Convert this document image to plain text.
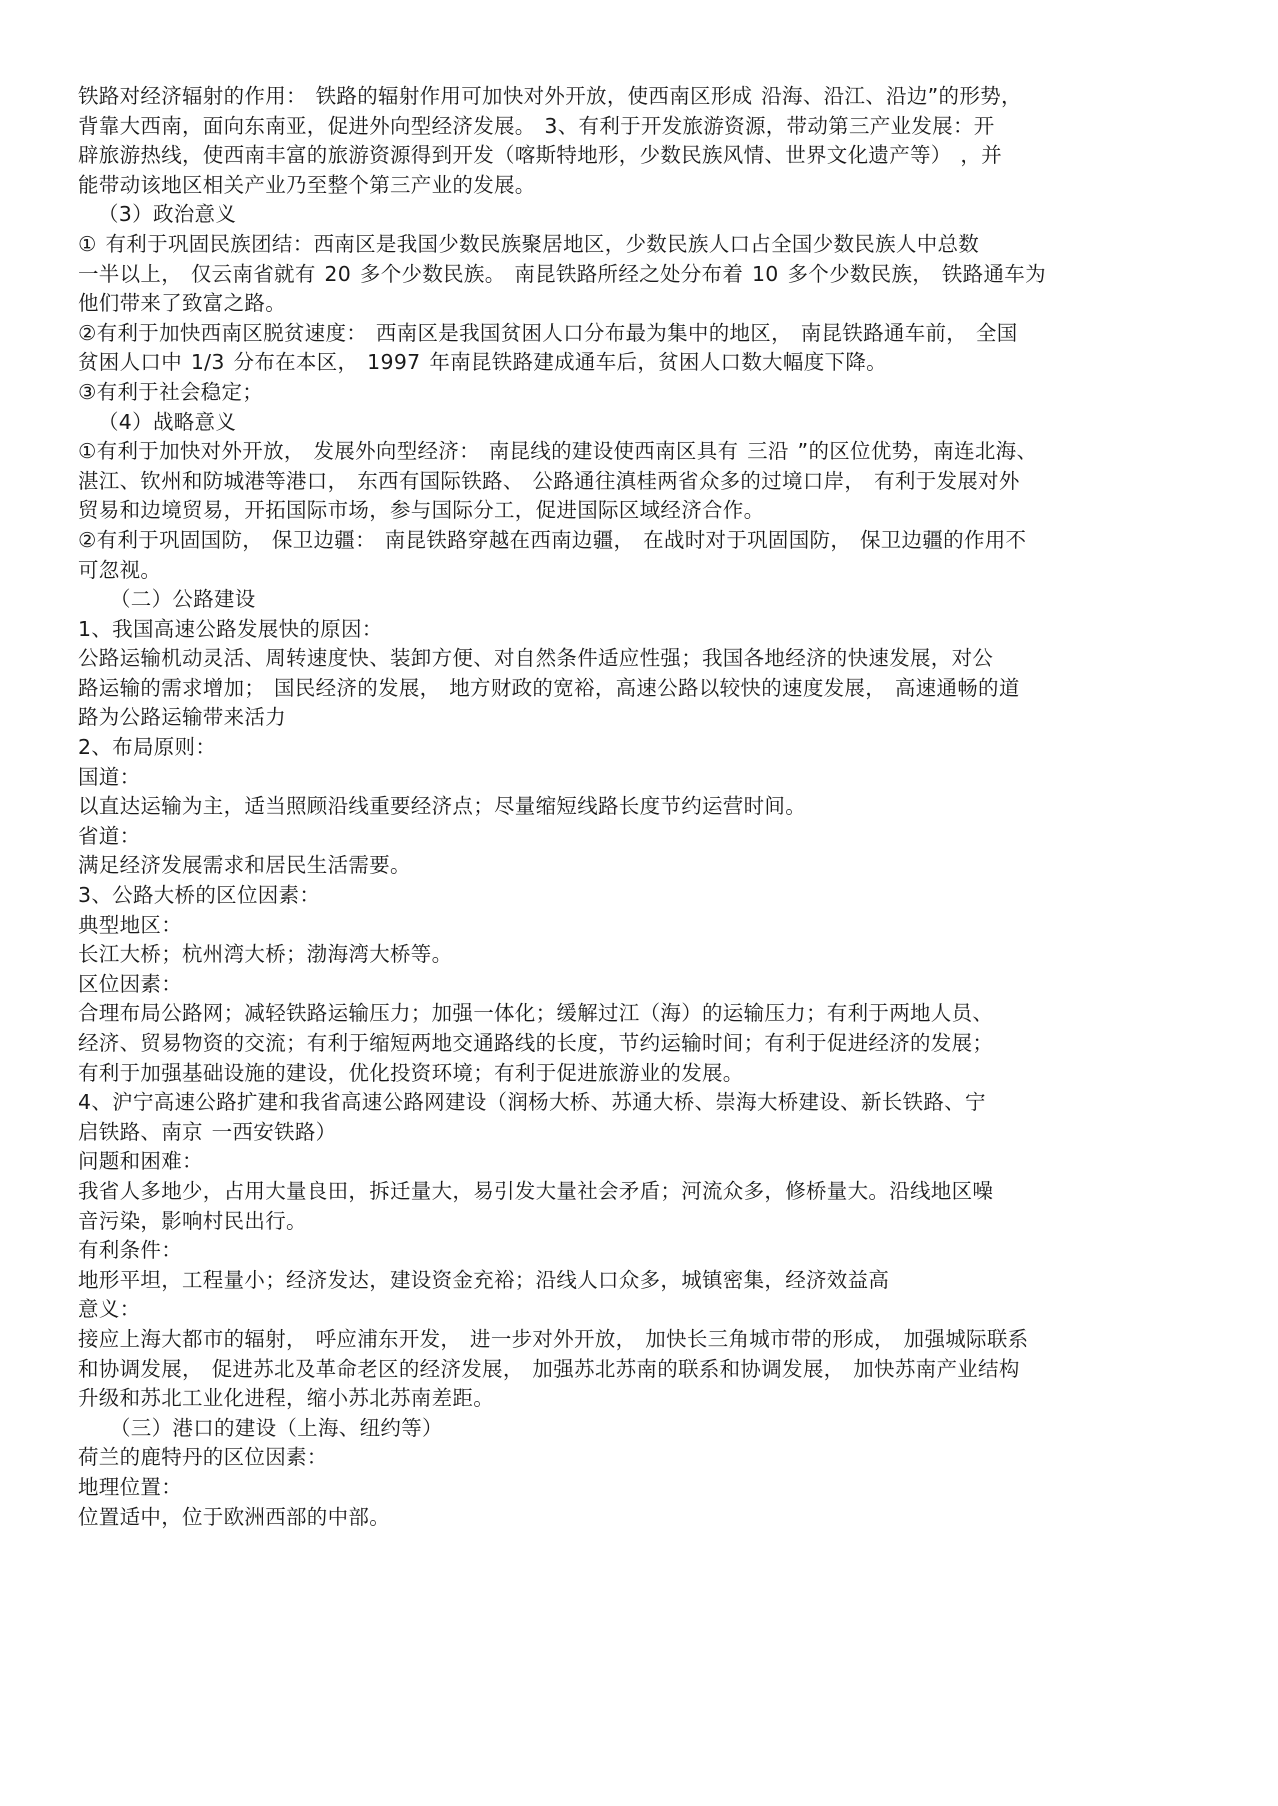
铁路对经济辐射的作用： 铁路的辐射作用可加快对外开放，使西南区形成 沿海、沿江、沿边”的形势，
背靠大西南，面向东南亚，促进外向型经济发展。 3、有利于开发旅游资源，带动第三产业发展：开
辟旅游热线，使西南丰富的旅游资源得到开发（喀斯特地形，少数民族风情、世界文化遗产等） ，并
能带动该地区相关产业乃至整个第三产业的发展。
（3）政治意义
① 有利于巩固民族团结：西南区是我国少数民族聚居地区，少数民族人口占全国少数民族人中总数
一半以上， 仅云南省就有 20 多个少数民族。 南昆铁路所经之处分布着 10 多个少数民族， 铁路通车为
他们带来了致富之路。
②有利于加快西南区脱贫速度： 西南区是我国贫困人口分布最为集中的地区， 南昆铁路通车前， 全国
贫困人口中 1/3 分布在本区， 1997 年南昆铁路建成通车后，贫困人口数大幅度下降。
③有利于社会稳定；
（4）战略意义
①有利于加快对外开放， 发展外向型经济： 南昆线的建设使西南区具有 三沿 ”的区位优势，南连北海、
湛江、钦州和防城港等港口， 东西有国际铁路、 公路通往滇桂两省众多的过境口岸， 有利于发展对外
贸易和边境贸易，开拓国际市场，参与国际分工，促进国际区域经济合作。
②有利于巩固国防， 保卫边疆： 南昆铁路穿越在西南边疆， 在战时对于巩固国防， 保卫边疆的作用不
可忽视。
（二）公路建设
1、我国高速公路发展快的原因：
公路运输机动灵活、周转速度快、装卸方便、对自然条件适应性强；我国各地经济的快速发展，对公
路运输的需求增加； 国民经济的发展， 地方财政的宽裕，高速公路以较快的速度发展， 高速通畅的道
路为公路运输带来活力
2、布局原则：
国道：
以直达运输为主，适当照顾沿线重要经济点；尽量缩短线路长度节约运营时间。
省道：
满足经济发展需求和居民生活需要。
3、公路大桥的区位因素：
典型地区：
长江大桥；杭州湾大桥；渤海湾大桥等。
区位因素：
合理布局公路网；减轻铁路运输压力；加强一体化；缓解过江（海）的运输压力；有利于两地人员、
经济、贸易物资的交流；有利于缩短两地交通路线的长度，节约运输时间；有利于促进经济的发展；
有利于加强基础设施的建设，优化投资环境；有利于促进旅游业的发展。
4、沪宁高速公路扩建和我省高速公路网建设（润杨大桥、苏通大桥、崇海大桥建设、新长铁路、宁
启铁路、南京 一西安铁路）
问题和困难：
我省人多地少，占用大量良田，拆迁量大，易引发大量社会矛盾；河流众多，修桥量大。沿线地区噪
音污染，影响村民出行。
有利条件：
地形平坦，工程量小；经济发达，建设资金充裕；沿线人口众多，城镇密集，经济效益高
意义：
接应上海大都市的辐射， 呼应浦东开发， 进一步对外开放， 加快长三角城市带的形成， 加强城际联系
和协调发展， 促进苏北及革命老区的经济发展， 加强苏北苏南的联系和协调发展， 加快苏南产业结构
升级和苏北工业化进程，缩小苏北苏南差距。
（三）港口的建设（上海、纽约等）
荷兰的鹿特丹的区位因素：
地理位置：
位置适中，位于欧洲西部的中部。
